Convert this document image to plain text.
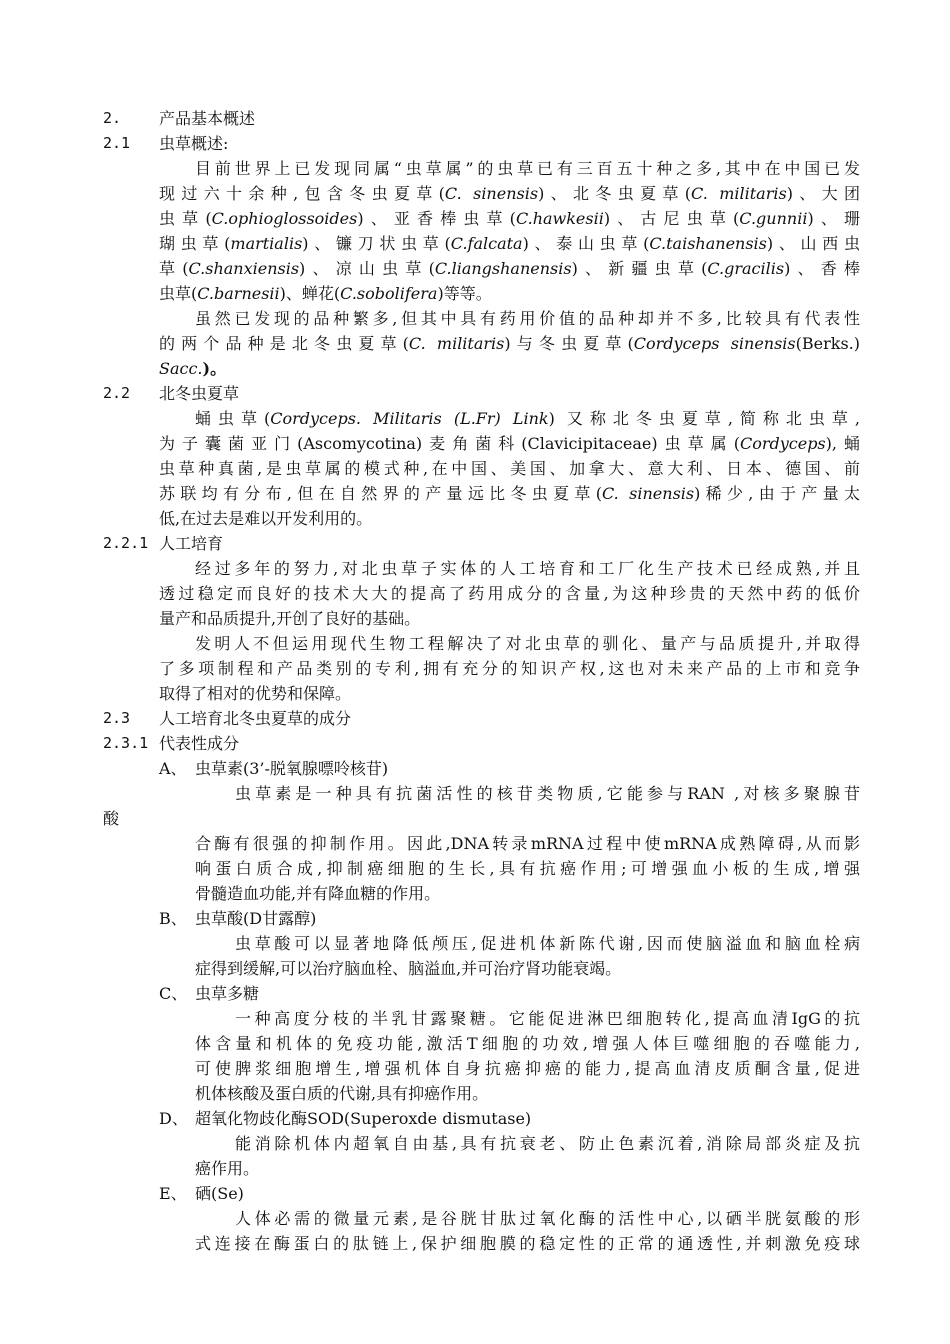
2. 产品基本概述
2.1 虫草概述:
目前世界上已发现同属“虫草属”的虫草已有三百五十种之多,其中在中国已发
现过六十余种,包含冬虫夏草(C. sinensis)、北冬虫夏草(C. militaris)、大团
虫草(C.ophioglossoides)、亚香棒虫草(C.hawkesii)、古尼虫草(C.gunnii)、珊
瑚虫草(martialis)、镰刀状虫草(C.falcata)、泰山虫草(C.taishanensis)、山西虫
草(C.shanxiensis)、凉山虫草(C.liangshanensis)、新疆虫草(C.gracilis)、香棒
虫草(C.barnesii)、蝉花(C.sobolifera)等等。
虽然已发现的品种繁多,但其中具有药用价值的品种却并不多,比较具有代表性
的两个品种是北冬虫夏草(C. militaris)与冬虫夏草(Cordyceps sinensis(Berks.)
Sacc.)。
2.2 北冬虫夏草
蛹虫草(Cordyceps. Militaris (L.Fr) Link) 又称北冬虫夏草,简称北虫草,
为子囊菌亚门(Ascomycotina)麦角菌科(Clavicipitaceae)虫草属(Cordyceps),蛹
虫草种真菌,是虫草属的模式种,在中国、美国、加拿大、意大利、日本、德国、前
苏联均有分布,但在自然界的产量远比冬虫夏草(C. sinensis)稀少,由于产量太
低,在过去是难以开发利用的。
2.2.1 人工培育
经过多年的努力,对北虫草子实体的人工培育和工厂化生产技术已经成熟,并且
透过稳定而良好的技术大大的提高了药用成分的含量,为这种珍贵的天然中药的低价
量产和品质提升,开创了良好的基础。
发明人不但运用现代生物工程解决了对北虫草的驯化、量产与品质提升,并取得
了多项制程和产品类别的专利,拥有充分的知识产权,这也对未来产品的上市和竞争
取得了相对的优势和保障。
2.3 人工培育北冬虫夏草的成分
2.3.1 代表性成分
A、 虫草素(3’-脱氧腺嘌呤核苷)
虫草素是一种具有抗菌活性的核苷类物质,它能参与RAN ,对核多聚腺苷
酸
合酶有很强的抑制作用。因此,DNA转录mRNA过程中使mRNA成熟障碍,从而影
响蛋白质合成,抑制癌细胞的生长,具有抗癌作用;可增强血小板的生成,增强
骨髓造血功能,并有降血糖的作用。
B、 虫草酸(D甘露醇)
虫草酸可以显著地降低颅压,促进机体新陈代谢,因而使脑溢血和脑血栓病
症得到缓解,可以治疗脑血栓、脑溢血,并可治疗肾功能衰竭。
C、 虫草多糖
一种高度分枝的半乳甘露聚糖。它能促进淋巴细胞转化,提高血清IgG的抗
体含量和机体的免疫功能,激活T细胞的功效,增强人体巨噬细胞的吞噬能力,
可使脾浆细胞增生,增强机体自身抗癌抑癌的能力,提高血清皮质酮含量,促进
机体核酸及蛋白质的代谢,具有抑癌作用。
D、 超氧化物歧化酶SOD(Superoxde dismutase)
能消除机体内超氧自由基,具有抗衰老、防止色素沉着,消除局部炎症及抗
癌作用。
E、 硒(Se)
人体必需的微量元素,是谷胱甘肽过氧化酶的活性中心,以硒半胱氨酸的形
式连接在酶蛋白的肽链上,保护细胞膜的稳定性的正常的通透性,并刺激免疫球
